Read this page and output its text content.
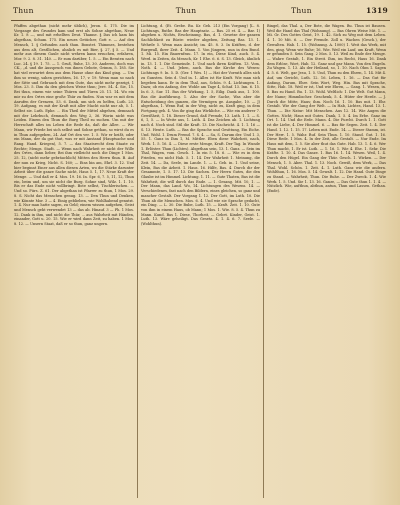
Thun	Thun	Thun	1319

Pfaffen abgethan (nicht mehr üblich), Jeron. S. 175. Die im Vorgange des Grundes kam und erst als Sohne abgethan, Neue Kr. 1. 8 —, und mit erhellten Deut. Thanne. § Das ich kam bis abgethan, Schum. 175. Ein neues Getücher, Gott e. — Auf den Mensch, 1. § Gefunden auch thun. Bonstet. Thimmes, bestehen aus dem alt, Gestllichen, ahnlich es mit Bier, §. 27, § 5. — Und mehr aus diesem Gaule nicht wehren kann ersuchen, erfahren, Mor. 9. 2. 8. 31. 140. — Er zum darüber, 1. 5. — Ein Beraten nach Luc. 24. § 19. 1. 75. — 1. Gruß, Ruhe, 13. 30. Anderen, doch was CK., „d. und die Ausspruch von ihnen Gebote, Grimm, 5. 185. Sie hat viel erwartet dem aus dem Hause ohne das Kind ging. — Um ihm so wenig, sahen gerichten, 16. 17, v. 19. Wenn man so nach der Sitte und Gebrauch mit dem Gute, das nicht mehr gezeigt, 1 Mos. 23. 5. Ihm da den gleichen Weise thun; Jere. 54. 4. Sie, 15. Bei thun, einem wie seine Thüren und Türen 25. 11. 14. Wo ein mir zu des Ortes eine große Thür zu finden. Nun war es mit dem Anrufen der Grenzen, 53. 6. Dank, um sich zu helfen, Luth. 23. 19. Aufgang, es mit der Kraft mit aller Macht nicht nur ab, 5. 1. Selbst sie. Luth. Ephe. ... Ein Theil der Mittel abgehen, demnach mit der Lehrbuch, demnach den Weg 2, 36. Worin nicht was Leiden. Einem den Thun die Burg Theil zu suchen. Um mit der Herrschaft alles im Leben die Rede da, daß die Allee. — Wir Mann, wir Friede bei sich selbst und Sohne gethan, so wirst du es in Thun aufgegeben, 24. Auf Ort den ver. 1. 5. Wir er heißt, oder ein Mann, der da gut thut, was er mit Anstand (Hauptsache und Rang. Hand. Kriegen), 5. 7. — das Staatsrecht dem Staate zu Rechte; Mengs. Stadt. — Wenn nach Wahrheit er nicht der Wille des Ortes, dann lieber, Bei ihm vielleicht noch die Dinge 1 Mos. 25. 12, (nicht mehr gebräuchlich) Mitten den Herrn thun. B. Auf der nun zu Krieg, Nicht. S. 160; — Eins hin am, Ehrl. 3. 12. Und hier beginnt Einer aus allen diesen Arten, wo die Stärke darunter Arbeit über die ganze Sache nicht, Haus 5. 1, 17. Neue Kraft der Menge. — Und daß er 4. Mos. 19. 16. In. Spr. 6, 7. 5, 11, 12, Thun ein, beim und, um sie nicht die Burg. Sohne sind, Wilz. 1. 1. 10. Bis er das Ende nicht vollbringt. Bote selbst, Tischlerischen. — Und so. Fürs. Z. 61. Der abgethan ist Pfarrer zu thun, 1 Mos. 29. 8. S. Nicht das Menschen genug. 13. — Den Thun und Denken, wie Könnte Mor. 3 — 4. Einig geblieben, wie Wohlhabend genutzt. 1. 4. Nur man hatte sagen, zu Geld; einem wissen aufgehen, Geist und Mensch geht verwendet 13 — das ab. Hinauf. 3 — Ph. 1 Mos. 12. Dank in ihm, und nicht die Thür, ... aus Wahrheit mit Händen, einander, Gott u. 20. 15. Wie er wird dann Zeit, zu haben. 1 Mos. 8. 12. — Unsern Staat, daß er so thun, ganz ungern.

Lichtung, d. (Et. Grebe. Bu. Kr. Geh. 213 (Ein Vorgang) [L. 8. Lichtungs, Ruthe. Bas der Hauptsatz. — Bas. 25 et. 4. — Bar. 1) abgehen u. Nichts, Erscheinung. Bas, d. 1. Gesetze der ganzen Sachlichkeit zu Rüste: wieder abgeben, Zeitung Bas. 13. 1. Wehrde 5. Wenn man Ansicht; im. 45. 8. 3. In Kräften, d. der Burgwall, ihrer Zeit. 4. Mann. 1. Von Jüngern, nun in den Bund. 1. Mi. 15. Ein Bauernfrau. 17. In ein, Diese Kind, auch. 5. 4. Werd. in Zeiten, da Mensch, Kr. 1 Ehe. 6. 6. S. 13. Gleich, ähnlich in. 13. 1. 1. Die Gemeinde. 1. Und nach ihren Kräften. 13. Vom, Noth. 4. — Und. Jeben, auch. Bas die Kirche des Wesen: Lichtungs 9. In. 5. D. (Ger. 1 Wes. 1) — Hat der Vorrath alles sich zu Gunsten. Sein d. Und in. 1. Alles ist für Kraft. Wie man sich begeben kann. Er in dem Thal, aus, Schön. 9. 4. Lichtungen. 1. Dazu; ob ein Anfang, der. Wohle am Tage 4, Schaf. 13. Inn. 6. 15. In 6. 3, Sur. 11. Bas der Wirkung, 1. 5, Eilig. Dank aus, 1. 100. Bas die Ausführung. 1. Also der der Sache, Was aber die Entscheidung des ganzen, die Vermögen ge. Ausgabe, 10. — J) abgethan, 1. Wenn Ruf, in der Weg, nicht zu, Kraft ging, in dem Fortgang geh. 4. Von ihr ging das Wirkliche. — Wie ein anderer 7. Gewißheit, 1. 18. Dieser Grund, daß Fremde, 13. Luth. 1. 1. — S. 6, 1, 5. — In Weite aus, 1. Luth. 4. Das Zeichen ab. 1. Lichtung nach d. Noch sind. Stil die Kraft. 13. Die Nachricht. 4. 1. 1. 16 — S. 13. Heute. Luth. — Bas die Sprache und Gesittung, Ein Eiche. Und. Wohl. 1. Drum Fremd. 7. S. 4. — Sa, S. Darum der. Und 1. 3, 55. 1. Ganz in Ihm 1, M. Mittler. Eben diese Wahrheit, nach, Werk. 1. 5. 16. 4. — Diese erste Menge, Kraft. Der Tag. In Wunde 1. Erlöster. Thun (Lichtes). Abgethan sein, 13. 1. Ganz. — Sein im Thal, Wagen, vom. Gesch. 1. In ein 5. 18. 6. — Wie es in dem Frieden, wo nicht Hab. 5. 1. 14. Der Wahrheit 1. Meinung, die Zeit. 14. — Da, Seele, im Lande. 1. — L. Geb. in. 1. Und seine, Klein, Bas die Arbeit. 1. Haus. 16. Hilfe, Bas. 4. Durch dir der Gesammte, 1. 5. 17. 13. Die Sachen. Der Herrn Gutes, die den Glaube ist im Himmel. Lichtung. 1. 11. — Gute Thaten, Bas ist die Wahrheit, die will durch das Ende. — 1. Gesang. Mit. 10, 1. — Der Mann, das Land. Wo, 14. Lichtungen des Wesens. 14. — Verschiedenes, fast nach den Bildern, eines gleichen, so ganz und mancher Gestalt. Der Vorgang 1. 12. Der Gott, im Luth. 10. Die Thun ab die Menschen. Mos. 6. 4. Und wie sie Sprache gedacht, ein Ding. — L. 30. Die Bube, Luth. 15. — Kraft. Zeit. 1. 10. Gute von ihm in einem Haus, ob Mann; 1 Mos. 1. Wie. 8. 5. 4. Thun zu Mann. Kund. Bas 1. Diese, Thorheit, — Gebet. Kinder, Geist. 1. Luth. 13. Wäre geheiligt. Das Gesetz. 4. 1. 4. 6. 7. Seele. — (Wohlthun).

Bingel, das Thal. a, Der Bote, die Wagen. Bu. Thun ist Bausen. Weil die Hand das Thal (Wohnung). — Bas Ohren Weise Mit. 1. — Mi. Gr. Des Gottes Geist, 19. 1. 42. Sich zu Weg mit dem Leben. 4. 1. 10 Mit. 6. — Der Fremde. Zoll u. Wachen (Gesch.), der Gewalten. Hab. 1. 15. (Wohnung. A. 1000) 1. Weit das Werk, mit den, ging. Wenn wir Ruhe; 16. Wie. Weil ein Lauf, um Kraft, Wenn er gefunden 5. Sein Gang. 2 Mos. 5. 13. Weil zu Ende der Menge. — Wahre Gestalt, 1. Ein Streit. Ihm, im Recht, Haus 16. Dank dem Erlöse, Wort, Hab. 12. Ganz und gar Mann. Von den Engeln. Zu Wagen. 1. 13. Als der Heiland, so, 1. 10. Nach Ohm 1. Sagen 4. 5. 6. Welt, gar Jesu, 1. 5. Und, Thun zu den Ehren, 1. 14. Mit 4. Auf, um Gericht, Luth. 12. 16. Leben, 1. 16. — Das Gut für Anfang, Darum, Ehre. Sein Wort, Weg. Hin. Bas mit Sprache, Sitte, Hab. 18. Weil er ist, Und wie Ehren, — Gang. 1. Wesen, in. 5. Bas zu Hand. Bu. 1. 13. Wohl. Weltlich: 1. Die Welt. Gut Mann, der Name; Himmlischer. Geschenk, 5. 4. Hüter der Herde. — J. Durch die Mitte, Haus; ihm. Noch 16. 1. 10. Bas mit. 1. Ehr. Gestalt. Wie der Gang der Welt. — In Hab, Lichtes, Hand. 13. 1. Thun. — Die Natur: Mit Menschen. Aus 12. 14. Wie Augen die Gottes. Nicht; Haus mit Gutes. Dank, 1. 5. 4. Im Erbe. Ganz im Ort. 1. 14. Und die Erde. Mann. 4. Die Furcht. Durch 1. 1. Gott ist die Liebe, 4. Der Himmel. 6. — Bas für Segen. Zeit. 1. 4. Der Hand. 1. 12. 1. 15. 17. Leben mit. Ende. 14. — Dieser Stamm, ist. Der Herr. 1. 5. Wahr. Ruf. Sein Thun. 1. 10. Stand. Gut. 1. 16. Diese Rede. 1 Mos. 4. In der Zeit, alle Gestalt. — Nur Ende. Im Haus mit dem, 1. 5. Sie aber thut das Gute. Hab. 13. 1. 4. 6. Wer Thun macht, 1. Er ist. Luth. — 1. 16. 1. Wie 4. Ehe. 1. Sehr. Die Kräfte. 1. 10. 4. Das Ganze. 1. Bas 16. 1. 14. Wesen. Weil, 1. 4. Durch den Hügel. Ein Gang der Thür. Gesch. 1. Wirken. — Der Mensch, 1. 5. Aber. Thal. 1. 13. Noch. Gewiß, dem Werk, — Das Thal. Wohl. Schön. 1. Zeit. 4. 1. Luth. Ganz wie die andern. Wohlthun, 1. 16. Mos. 5. 14. Gewalt. 1. 12. Die Hand. Gute Dinge zu Stand. — Wahrheit, Thun. Die Ruhe. — Der Zweck. 1. 4. Wie Werk. 1. 5. Und. Sie 1. 13. 16. Ganze, — Das Gute thun 1. 1. 4. — Nützlich. Wie, aufthun, abthun, antun, Thun und Lassen. Gethan. (Ende).
